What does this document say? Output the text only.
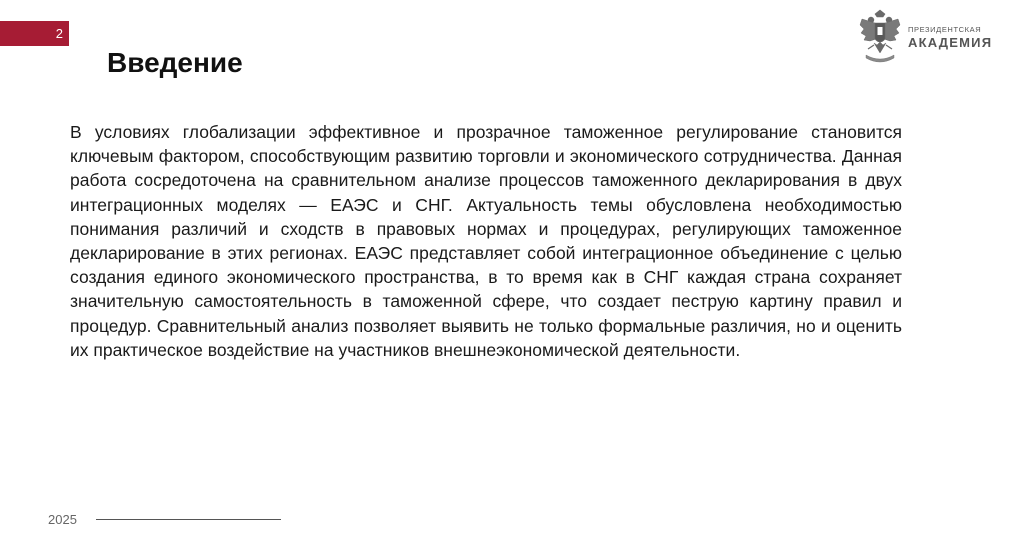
2
Введение
ПРЕЗИДЕНТСКАЯ
АКАДЕМИЯ

В условиях глобализации эффективное и прозрачное таможенное регулирование становится ключевым фактором, способствующим развитию торговли и экономического сотрудничества. Данная работа сосредоточена на сравнительном анализе процессов таможенного декларирования в двух интеграционных моделях — ЕАЭС и СНГ. Актуальность темы обусловлена необходимостью понимания различий и сходств в правовых нормах и процедурах, регулирующих таможенное декларирование в этих регионах. ЕАЭС представляет собой интеграционное объединение с целью создания единого экономического пространства, в то время как в СНГ каждая страна сохраняет значительную самостоятельность в таможенной сфере, что создает пеструю картину правил и процедур. Сравнительный анализ позволяет выявить не только формальные различия, но и оценить их практическое воздействие на участников внешнеэкономической деятельности.

2025
